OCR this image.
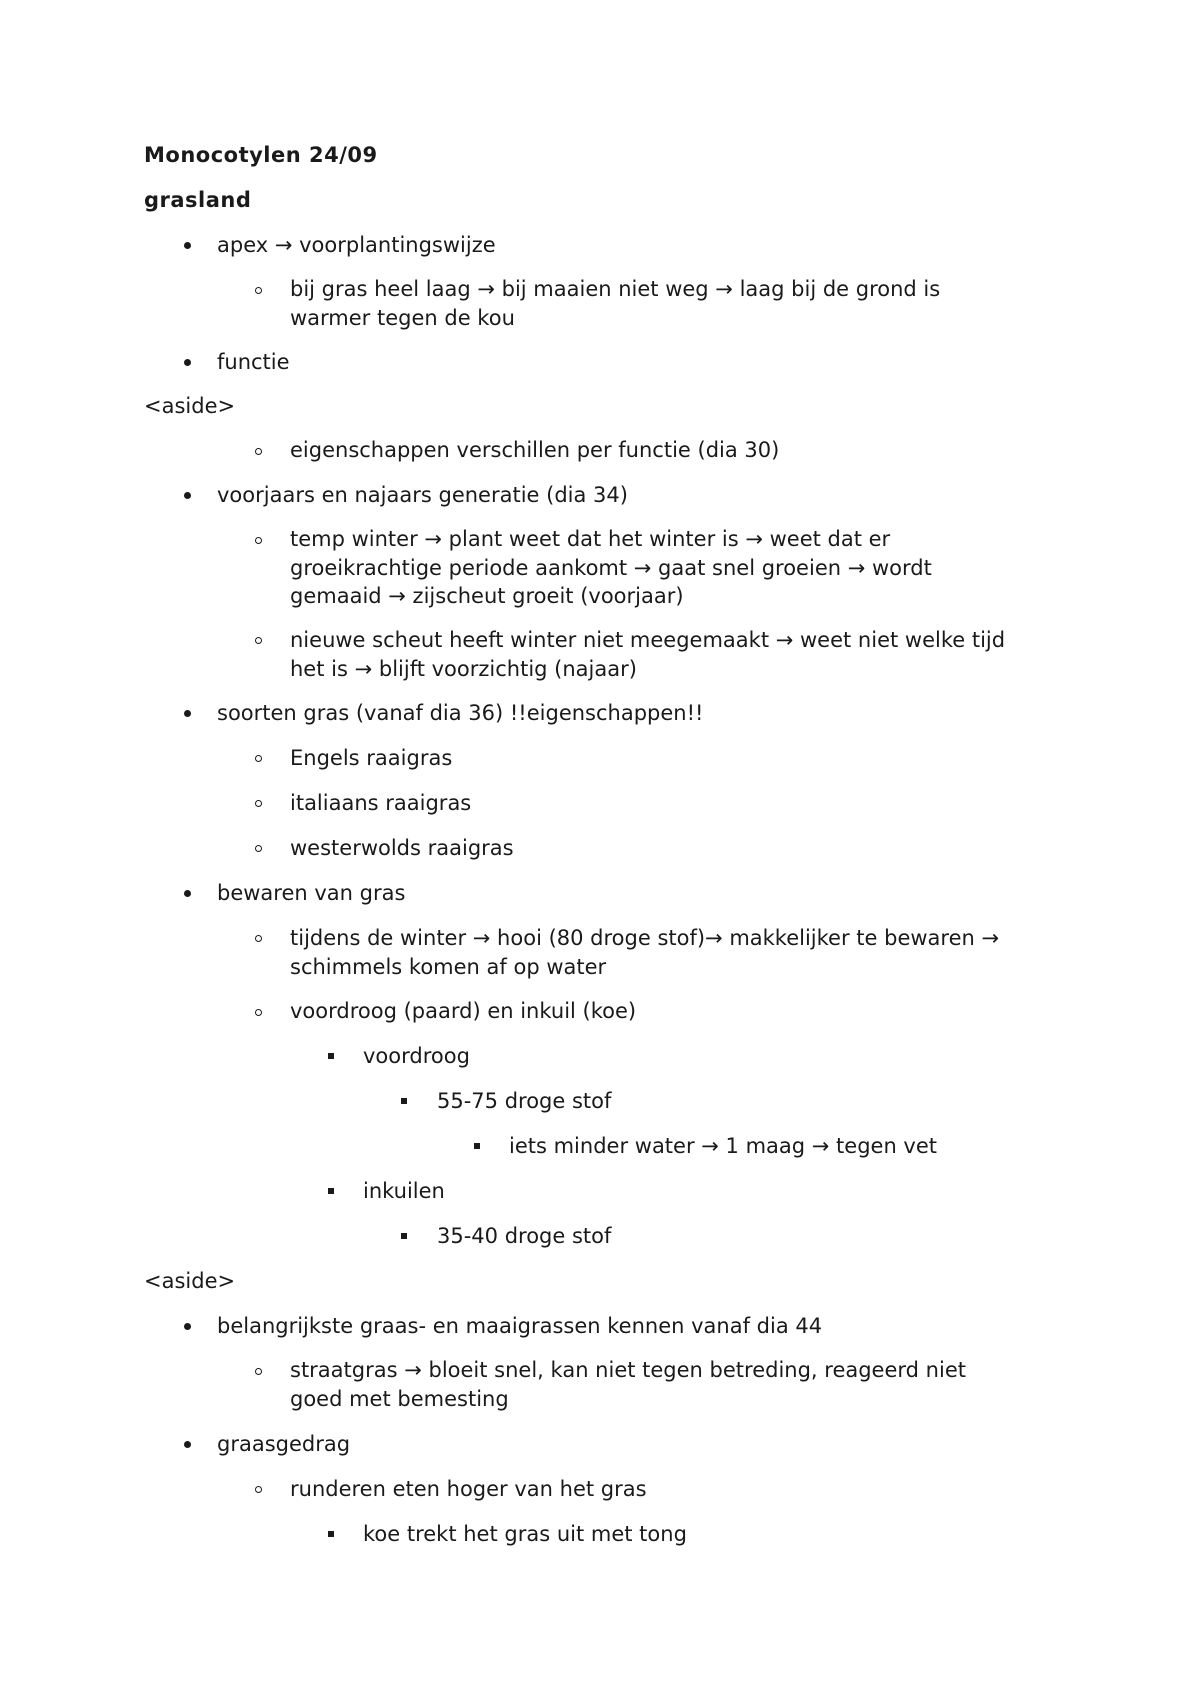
Monocotylen 24/09
grasland
apex → voorplantingswijze
bij gras heel laag → bij maaien niet weg → laag bij de grond is
warmer tegen de kou
functie
<aside>
eigenschappen verschillen per functie (dia 30)
voorjaars en najaars generatie (dia 34)
temp winter → plant weet dat het winter is → weet dat er
groeikrachtige periode aankomt → gaat snel groeien → wordt
gemaaid → zijscheut groeit (voorjaar)
nieuwe scheut heeft winter niet meegemaakt → weet niet welke tijd
het is → blijft voorzichtig (najaar)
soorten gras (vanaf dia 36) !!eigenschappen!!
Engels raaigras
italiaans raaigras
westerwolds raaigras
bewaren van gras
tijdens de winter → hooi (80 droge stof)→ makkelijker te bewaren →
schimmels komen af op water
voordroog (paard) en inkuil (koe)
voordroog
55-75 droge stof
iets minder water → 1 maag → tegen vet
inkuilen
35-40 droge stof
<aside>
belangrijkste graas- en maaigrassen kennen vanaf dia 44
straatgras → bloeit snel, kan niet tegen betreding, reageerd niet
goed met bemesting
graasgedrag
runderen eten hoger van het gras
koe trekt het gras uit met tong
